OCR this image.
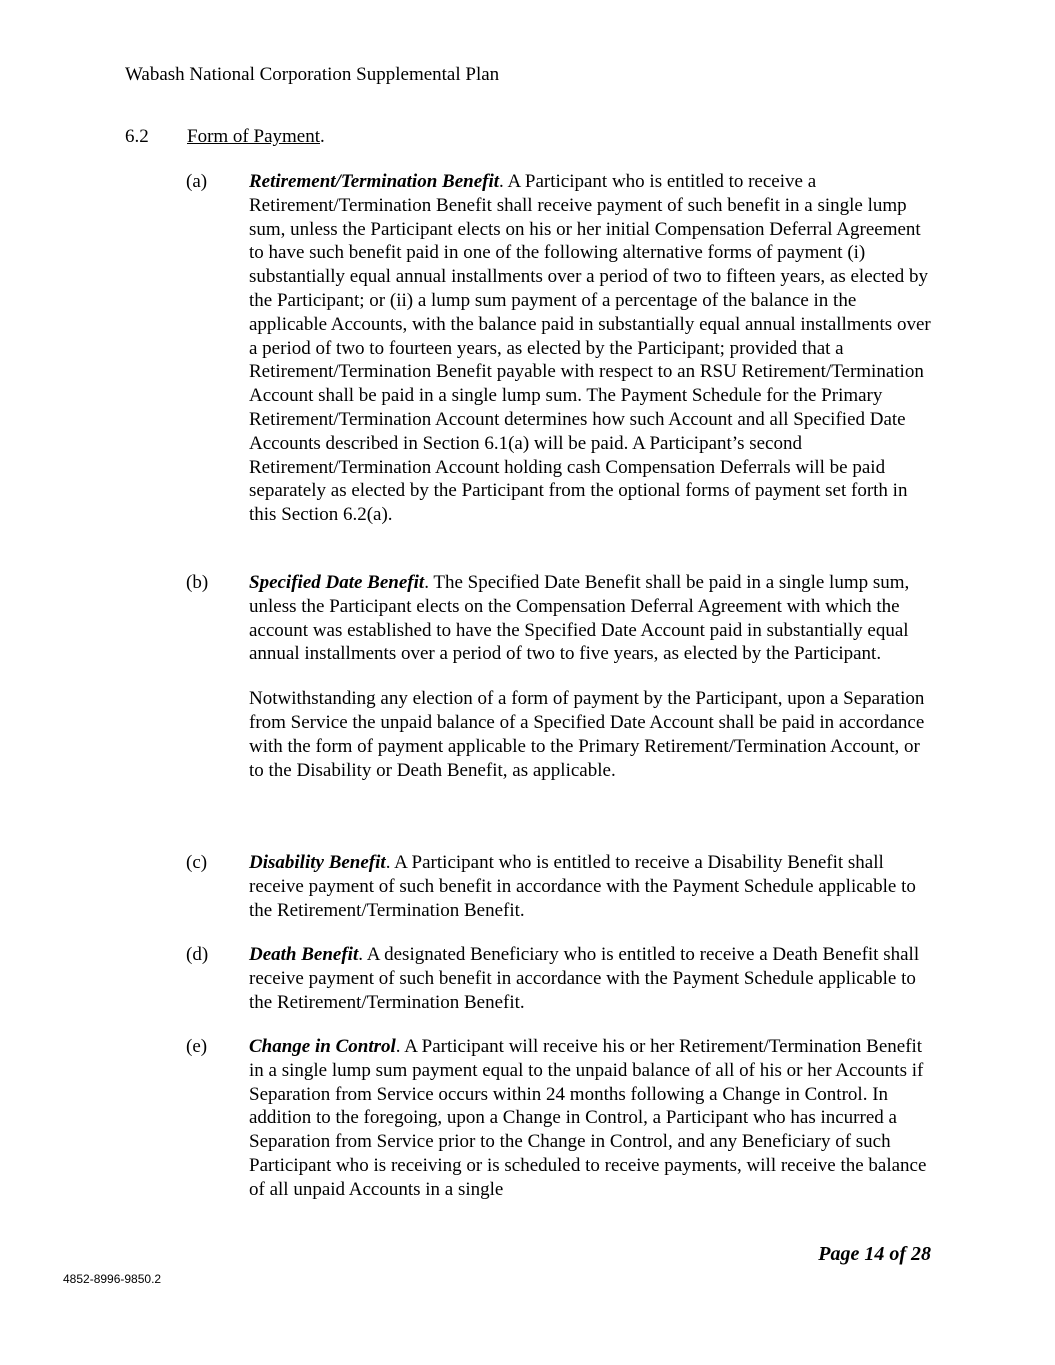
Wabash National Corporation Supplemental Plan
6.2 Form of Payment.
(a) Retirement/Termination Benefit. A Participant who is entitled to receive a Retirement/Termination Benefit shall receive payment of such benefit in a single lump sum, unless the Participant elects on his or her initial Compensation Deferral Agreement to have such benefit paid in one of the following alternative forms of payment (i) substantially equal annual installments over a period of two to fifteen years, as elected by the Participant; or (ii) a lump sum payment of a percentage of the balance in the applicable Accounts, with the balance paid in substantially equal annual installments over a period of two to fourteen years, as elected by the Participant; provided that a Retirement/Termination Benefit payable with respect to an RSU Retirement/Termination Account shall be paid in a single lump sum. The Payment Schedule for the Primary Retirement/Termination Account determines how such Account and all Specified Date Accounts described in Section 6.1(a) will be paid. A Participant’s second Retirement/Termination Account holding cash Compensation Deferrals will be paid separately as elected by the Participant from the optional forms of payment set forth in this Section 6.2(a).

(b) Specified Date Benefit. The Specified Date Benefit shall be paid in a single lump sum, unless the Participant elects on the Compensation Deferral Agreement with which the account was established to have the Specified Date Account paid in substantially equal annual installments over a period of two to five years, as elected by the Participant.

Notwithstanding any election of a form of payment by the Participant, upon a Separation from Service the unpaid balance of a Specified Date Account shall be paid in accordance with the form of payment applicable to the Primary Retirement/Termination Account, or to the Disability or Death Benefit, as applicable.

(c) Disability Benefit. A Participant who is entitled to receive a Disability Benefit shall receive payment of such benefit in accordance with the Payment Schedule applicable to the Retirement/Termination Benefit.

(d) Death Benefit. A designated Beneficiary who is entitled to receive a Death Benefit shall receive payment of such benefit in accordance with the Payment Schedule applicable to the Retirement/Termination Benefit.

(e) Change in Control. A Participant will receive his or her Retirement/Termination Benefit in a single lump sum payment equal to the unpaid balance of all of his or her Accounts if Separation from Service occurs within 24 months following a Change in Control. In addition to the foregoing, upon a Change in Control, a Participant who has incurred a Separation from Service prior to the Change in Control, and any Beneficiary of such Participant who is receiving or is scheduled to receive payments, will receive the balance of all unpaid Accounts in a single

Page 14 of 28
4852-8996-9850.2
